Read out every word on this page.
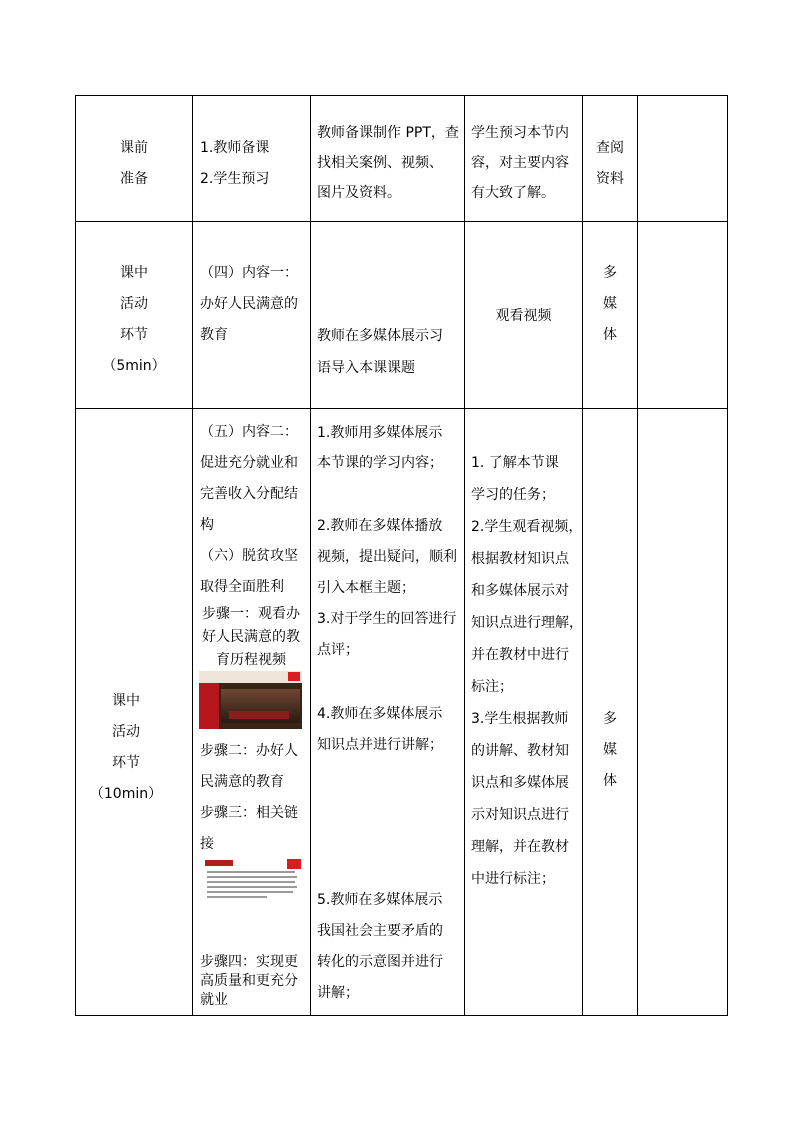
课前
准备
1.教师备课
2.学生预习
教师备课制作 PPT，查
找相关案例、视频、
图片及资料。
学生预习本节内
容，对主要内容
有大致了解。
查阅
资料
课中
活动
环节
（5min）
（四）内容一：
办好人民满意的
教育	教师在多媒体展示习
语导入本课课题
观看视频
多
媒
体
课中
活动
环节
（10min）
（五）内容二：
促进充分就业和
完善收入分配结
构
（六）脱贫攻坚
取得全面胜利
步骤一：观看办
好人民满意的教
育历程视频
步骤二：办好人
民满意的教育
步骤三：相关链
接
步骤四：实现更
高质量和更充分
就业
1.教师用多媒体展示
本节课的学习内容；
2.教师在多媒体播放
视频，提出疑问，顺利
引入本框主题；
3.对于学生的回答进行
点评；
4.教师在多媒体展示
知识点并进行讲解；
5.教师在多媒体展示
我国社会主要矛盾的
转化的示意图并进行
讲解；
1. 了解本节课
学习的任务；
2.学生观看视频，
根据教材知识点
和多媒体展示对
知识点进行理解，
并在教材中进行
标注；
3.学生根据教师
的讲解、教材知
识点和多媒体展
示对知识点进行
理解，并在教材
中进行标注；
多
媒
体
